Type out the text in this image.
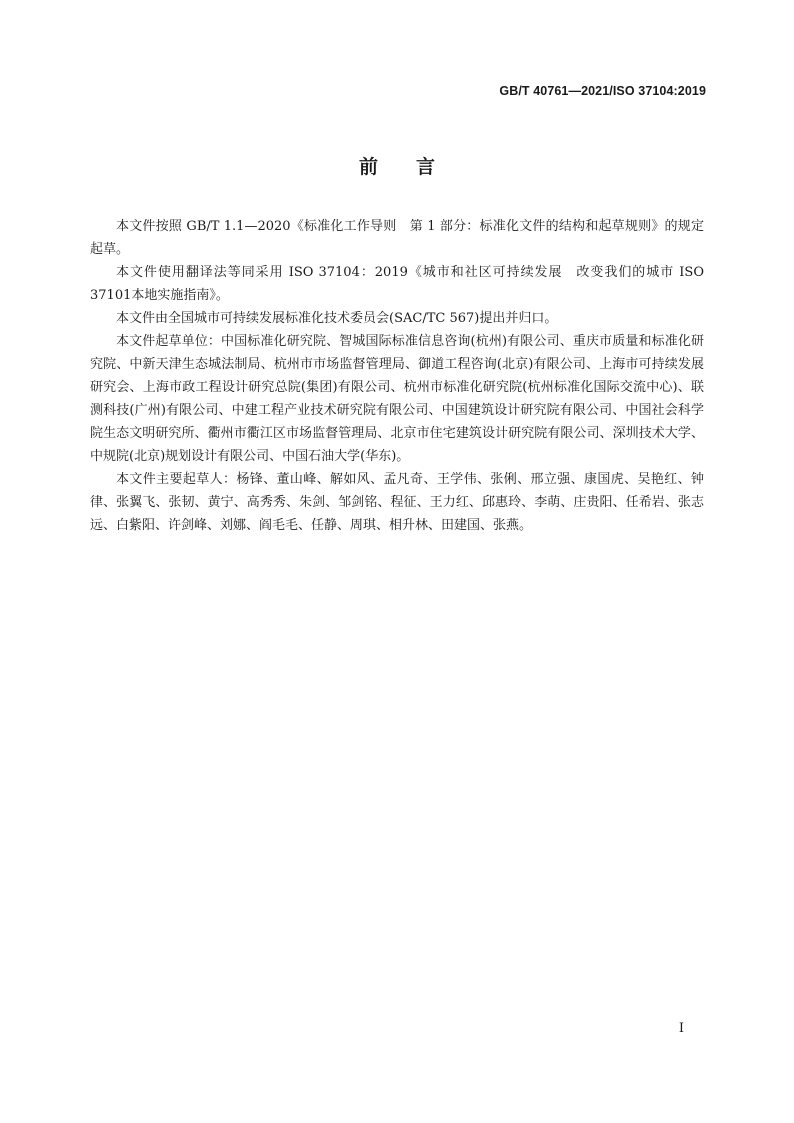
GB/T 40761—2021/ISO 37104:2019
前言

本文件按照 GB/T 1.1—2020《标准化工作导则　第 1 部分：标准化文件的结构和起草规则》的规定起草。

本文件使用翻译法等同采用 ISO 37104：2019《城市和社区可持续发展　改变我们的城市 ISO 37101本地实施指南》。

本文件由全国城市可持续发展标准化技术委员会(SAC/TC 567)提出并归口。

本文件起草单位：中国标准化研究院、智城国际标准信息咨询(杭州)有限公司、重庆市质量和标准化研究院、中新天津生态城法制局、杭州市市场监督管理局、御道工程咨询(北京)有限公司、上海市可持续发展研究会、上海市政工程设计研究总院(集团)有限公司、杭州市标准化研究院(杭州标准化国际交流中心)、联测科技(广州)有限公司、中建工程产业技术研究院有限公司、中国建筑设计研究院有限公司、中国社会科学院生态文明研究所、衢州市衢江区市场监督管理局、北京市住宅建筑设计研究院有限公司、深圳技术大学、中规院(北京)规划设计有限公司、中国石油大学(华东)。

本文件主要起草人：杨锋、董山峰、解如风、孟凡奇、王学伟、张俐、邢立强、康国虎、吴艳红、钟律、张翼飞、张韧、黄宁、高秀秀、朱剑、邹剑铭、程征、王力红、邱惠玲、李萌、庄贵阳、任希岩、张志远、白紫阳、许剑峰、刘娜、阎毛毛、任静、周琪、相升林、田建国、张燕。

I
